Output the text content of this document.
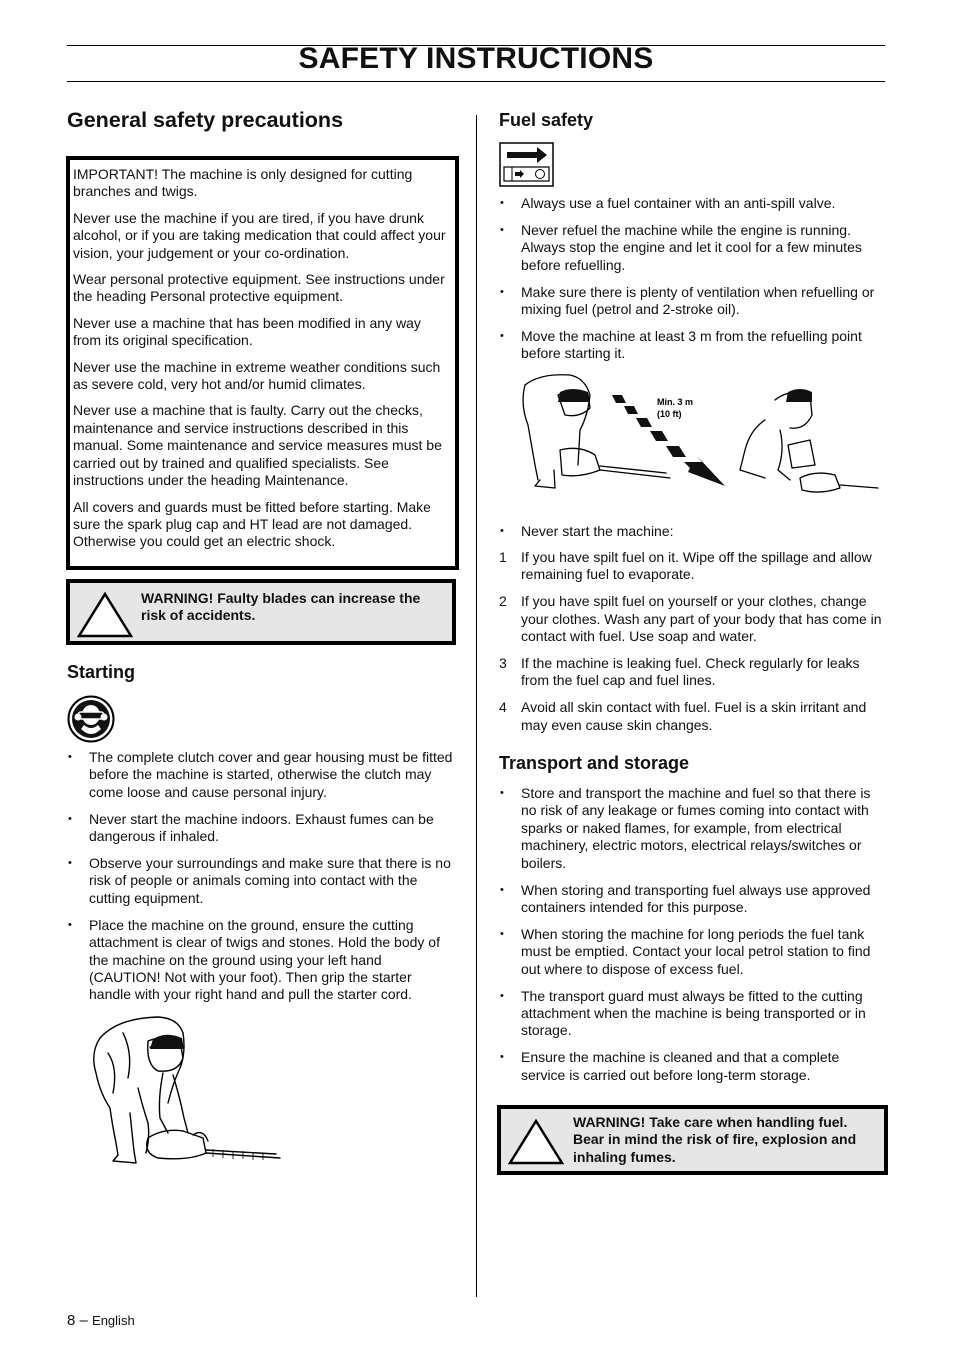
SAFETY INSTRUCTIONS
General safety precautions

IMPORTANT! The machine is only designed for cutting branches and twigs.

Never use the machine if you are tired, if you have drunk alcohol, or if you are taking medication that could affect your vision, your judgement or your co-ordination.

Wear personal protective equipment. See instructions under the heading Personal protective equipment.

Never use a machine that has been modified in any way from its original specification.

Never use the machine in extreme weather conditions such as severe cold, very hot and/or humid climates.

Never use a machine that is faulty. Carry out the checks, maintenance and service instructions described in this manual. Some maintenance and service measures must be carried out by trained and qualified specialists. See instructions under the heading Maintenance.

All covers and guards must be fitted before starting. Make sure the spark plug cap and HT lead are not damaged. Otherwise you could get an electric shock.

WARNING! Faulty blades can increase the risk of accidents.
Starting
• The complete clutch cover and gear housing must be fitted before the machine is started, otherwise the clutch may come loose and cause personal injury.
• Never start the machine indoors. Exhaust fumes can be dangerous if inhaled.
• Observe your surroundings and make sure that there is no risk of people or animals coming into contact with the cutting equipment.
• Place the machine on the ground, ensure the cutting attachment is clear of twigs and stones. Hold the body of the machine on the ground using your left hand (CAUTION! Not with your foot). Then grip the starter handle with your right hand and pull the starter cord.
Fuel safety
• Always use a fuel container with an anti-spill valve.
• Never refuel the machine while the engine is running. Always stop the engine and let it cool for a few minutes before refuelling.
• Make sure there is plenty of ventilation when refuelling or mixing fuel (petrol and 2-stroke oil).
• Move the machine at least 3 m from the refuelling point before starting it.
Min. 3 m
(10 ft)
• Never start the machine:
1 If you have spilt fuel on it. Wipe off the spillage and allow remaining fuel to evaporate.
2 If you have spilt fuel on yourself or your clothes, change your clothes. Wash any part of your body that has come in contact with fuel. Use soap and water.
3 If the machine is leaking fuel. Check regularly for leaks from the fuel cap and fuel lines.
4 Avoid all skin contact with fuel. Fuel is a skin irritant and may even cause skin changes.
Transport and storage
• Store and transport the machine and fuel so that there is no risk of any leakage or fumes coming into contact with sparks or naked flames, for example, from electrical machinery, electric motors, electrical relays/switches or boilers.
• When storing and transporting fuel always use approved containers intended for this purpose.
• When storing the machine for long periods the fuel tank must be emptied. Contact your local petrol station to find out where to dispose of excess fuel.
• The transport guard must always be fitted to the cutting attachment when the machine is being transported or in storage.
• Ensure the machine is cleaned and that a complete service is carried out before long-term storage.
WARNING! Take care when handling fuel. Bear in mind the risk of fire, explosion and inhaling fumes.
8 – English
